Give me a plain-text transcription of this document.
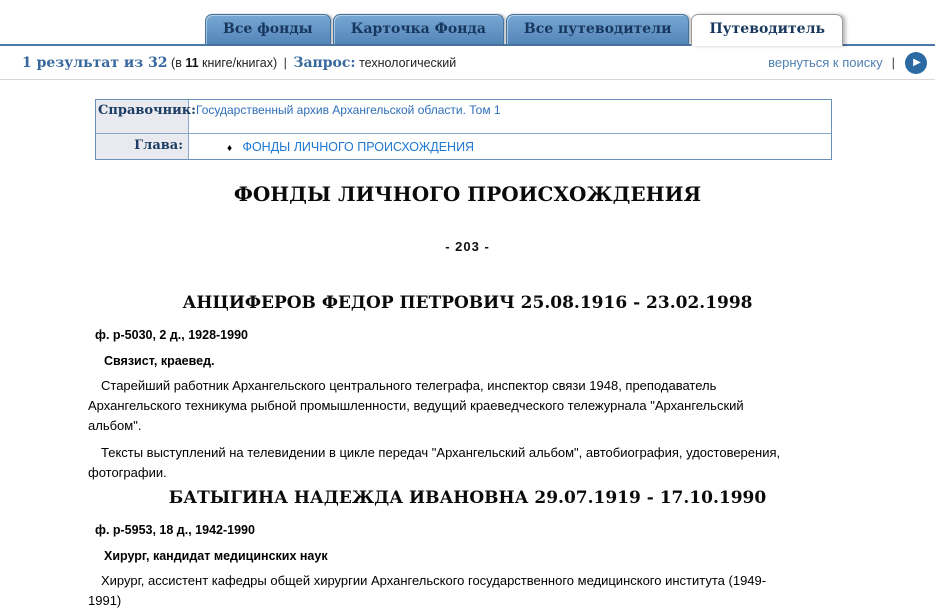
Все фонды	Карточка Фонда	Все путеводители	Путеводитель
1 результат из 32 (в 11 книге/книгах) | Запрос: технологический	вернуться к поиску | ▶
Справочник: Государственный архив Архангельской области. Том 1
Глава:	♦ ФОНДЫ ЛИЧНОГО ПРОИСХОЖДЕНИЯ
ФОНДЫ ЛИЧНОГО ПРОИСХОЖДЕНИЯ
- 203 -
АНЦИФЕРОВ ФЕДОР ПЕТРОВИЧ 25.08.1916 - 23.02.1998
ф. р-5030, 2 д., 1928-1990
Связист, краевед.

Старейший работник Архангельского центрального телеграфа, инспектор связи 1948, преподаватель Архангельского техникума рыбной промышленности, ведущий краеведческого тележурнала "Архангельский альбом".

Тексты выступлений на телевидении в цикле передач "Архангельский альбом", автобиография, удостоверения, фотографии.

БАТЫГИНА НАДЕЖДА ИВАНОВНА 29.07.1919 - 17.10.1990
ф. р-5953, 18 д., 1942-1990
Хирург, кандидат медицинских наук

Хирург, ассистент кафедры общей хирургии Архангельского государственного медицинского института (1949-1991)
